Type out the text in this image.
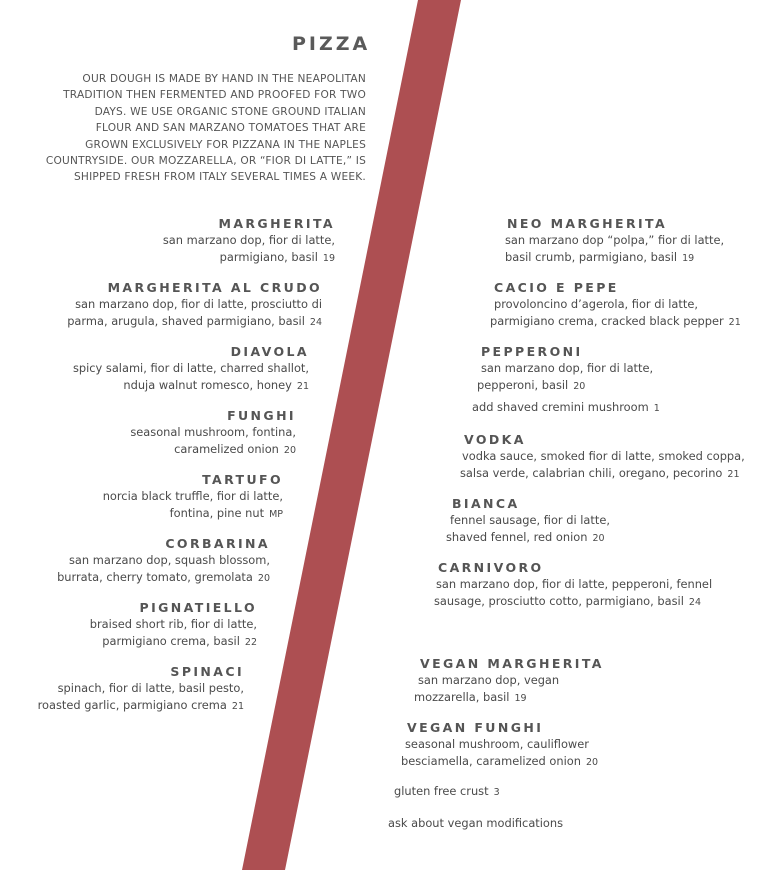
PIZZA

OUR DOUGH IS MADE BY HAND IN THE NEAPOLITAN
TRADITION THEN FERMENTED AND PROOFED FOR TWO
DAYS. WE USE ORGANIC STONE GROUND ITALIAN
FLOUR AND SAN MARZANO TOMATOES THAT ARE
GROWN EXCLUSIVELY FOR PIZZANA IN THE NAPLES
COUNTRYSIDE. OUR MOZZARELLA, OR “FIOR DI LATTE,” IS
SHIPPED FRESH FROM ITALY SEVERAL TIMES A WEEK.

MARGHERITA
san marzano dop, fior di latte,
parmigiano, basil 19
MARGHERITA AL CRUDO
san marzano dop, fior di latte, prosciutto di
parma, arugula, shaved parmigiano, basil 24
DIAVOLA
spicy salami, fior di latte, charred shallot,
nduja walnut romesco, honey 21
FUNGHI
seasonal mushroom, fontina,
caramelized onion 20
TARTUFO
norcia black truffle, fior di latte,
fontina, pine nut MP
CORBARINA
san marzano dop, squash blossom,
burrata, cherry tomato, gremolata 20
PIGNATIELLO
braised short rib, fior di latte,
parmigiano crema, basil 22
SPINACI
spinach, fior di latte, basil pesto,
roasted garlic, parmigiano crema 21
NEO MARGHERITA
san marzano dop “polpa,” fior di latte,
basil crumb, parmigiano, basil 19
CACIO E PEPE
provoloncino d’agerola, fior di latte,
parmigiano crema, cracked black pepper 21
PEPPERONI
san marzano dop, fior di latte,
pepperoni, basil 20
add shaved cremini mushroom 1
VODKA
vodka sauce, smoked fior di latte, smoked coppa,
salsa verde, calabrian chili, oregano, pecorino 21
BIANCA
fennel sausage, fior di latte,
shaved fennel, red onion 20
CARNIVORO
san marzano dop, fior di latte, pepperoni, fennel
sausage, prosciutto cotto, parmigiano, basil 24
VEGAN MARGHERITA
san marzano dop, vegan
mozzarella, basil 19
VEGAN FUNGHI
seasonal mushroom, cauliflower
besciamella, caramelized onion 20
gluten free crust 3
ask about vegan modifications
